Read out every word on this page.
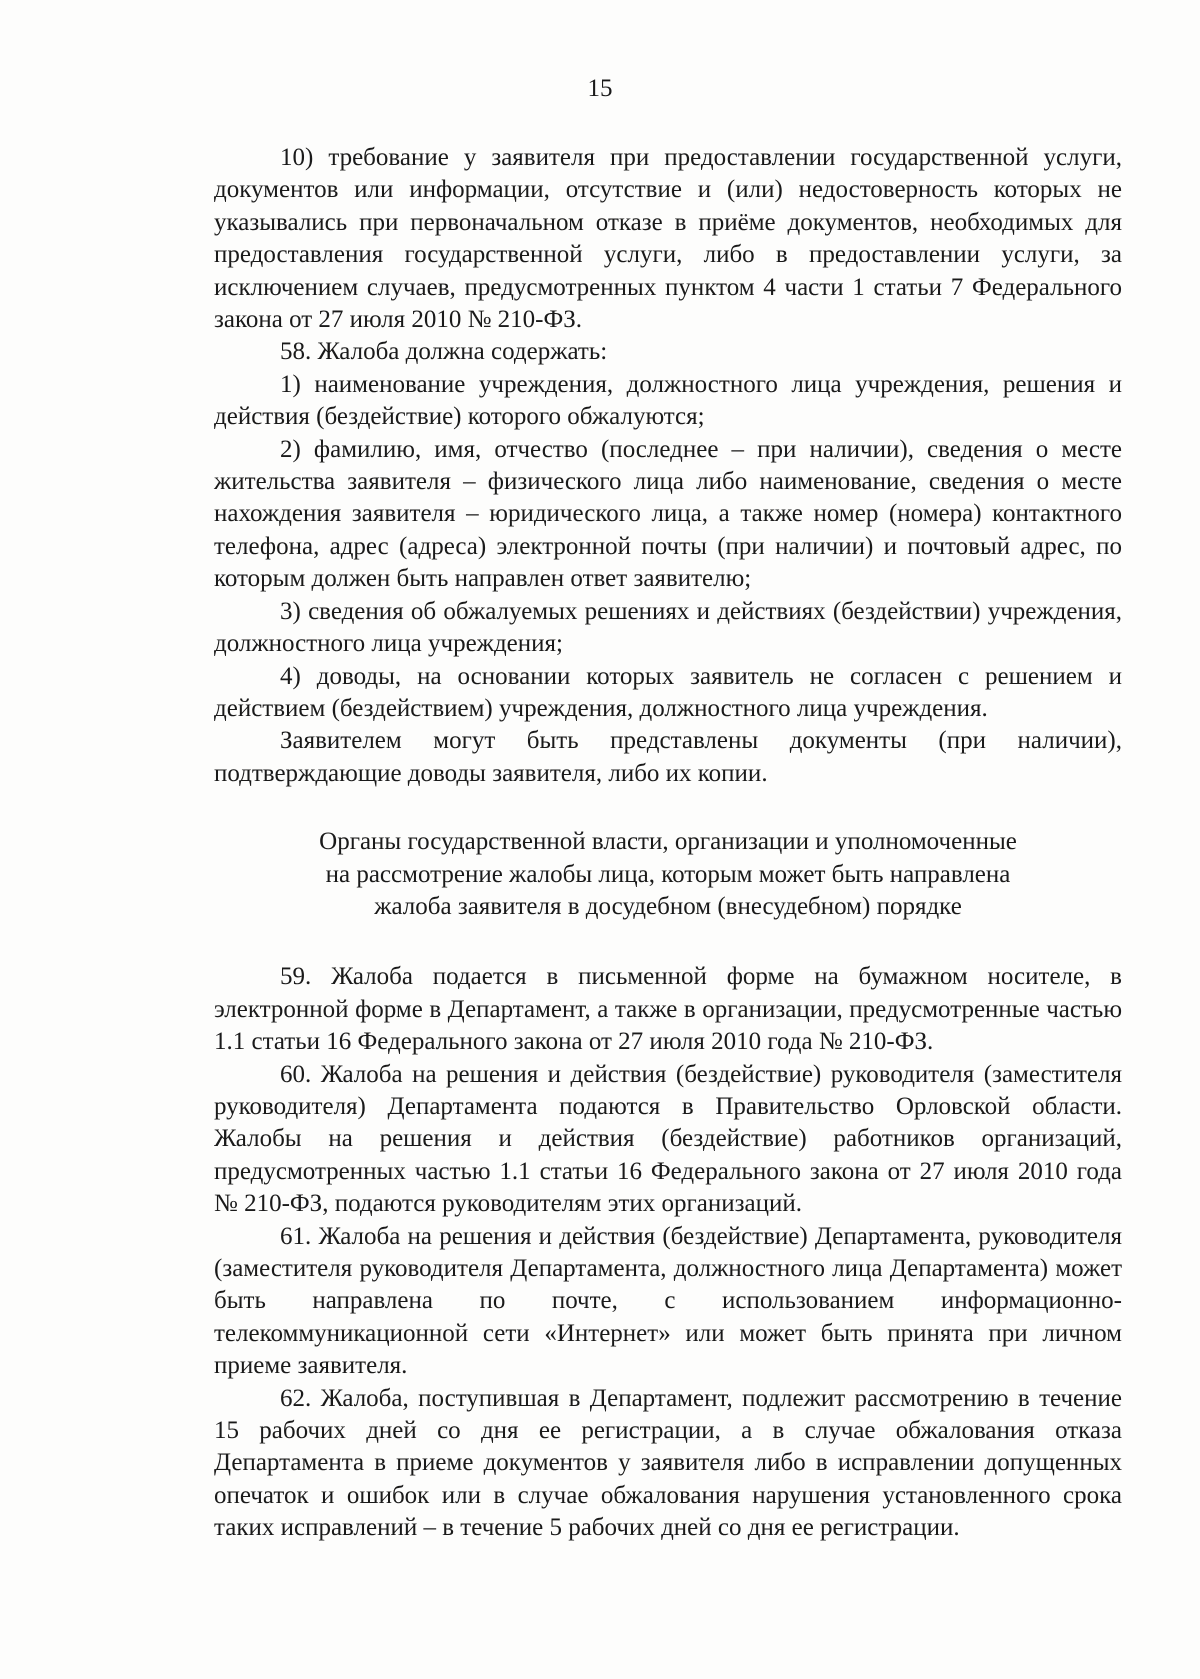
15

10) требование у заявителя при предоставлении государственной услуги, документов или информации, отсутствие и (или) недостоверность которых не указывались при первоначальном отказе в приёме документов, необходимых для предоставления государственной услуги, либо в предоставлении услуги, за исключением случаев, предусмотренных пунктом 4 части 1 статьи 7 Федерального закона от 27 июля 2010 № 210-ФЗ.

58. Жалоба должна содержать:

1) наименование учреждения, должностного лица учреждения, решения и действия (бездействие) которого обжалуются;

2) фамилию, имя, отчество (последнее – при наличии), сведения о месте жительства заявителя – физического лица либо наименование, сведения о месте нахождения заявителя – юридического лица, а также номер (номера) контактного телефона, адрес (адреса) электронной почты (при наличии) и почтовый адрес, по которым должен быть направлен ответ заявителю;

3) сведения об обжалуемых решениях и действиях (бездействии) учреждения, должностного лица учреждения;

4) доводы, на основании которых заявитель не согласен с решением и действием (бездействием) учреждения, должностного лица учреждения.

Заявителем могут быть представлены документы (при наличии), подтверждающие доводы заявителя, либо их копии.

Органы государственной власти, организации и уполномоченные
на рассмотрение жалобы лица, которым может быть направлена
жалоба заявителя в досудебном (внесудебном) порядке

59. Жалоба подается в письменной форме на бумажном носителе, в электронной форме в Департамент, а также в организации, предусмотренные частью 1.1 статьи 16 Федерального закона от 27 июля 2010 года № 210-ФЗ.

60. Жалоба на решения и действия (бездействие) руководителя (заместителя руководителя) Департамента подаются в Правительство Орловской области. Жалобы на решения и действия (бездействие) работников организаций, предусмотренных частью 1.1 статьи 16 Федерального закона от 27 июля 2010 года № 210-ФЗ, подаются руководителям этих организаций.

61. Жалоба на решения и действия (бездействие) Департамента, руководителя (заместителя руководителя Департамента, должностного лица Департамента) может быть направлена по почте, с использованием информационно-телекоммуникационной сети «Интернет» или может быть принята при личном приеме заявителя.

62. Жалоба, поступившая в Департамент, подлежит рассмотрению в течение 15 рабочих дней со дня ее регистрации, а в случае обжалования отказа Департамента в приеме документов у заявителя либо в исправлении допущенных опечаток и ошибок или в случае обжалования нарушения установленного срока таких исправлений – в течение 5 рабочих дней со дня ее регистрации.
